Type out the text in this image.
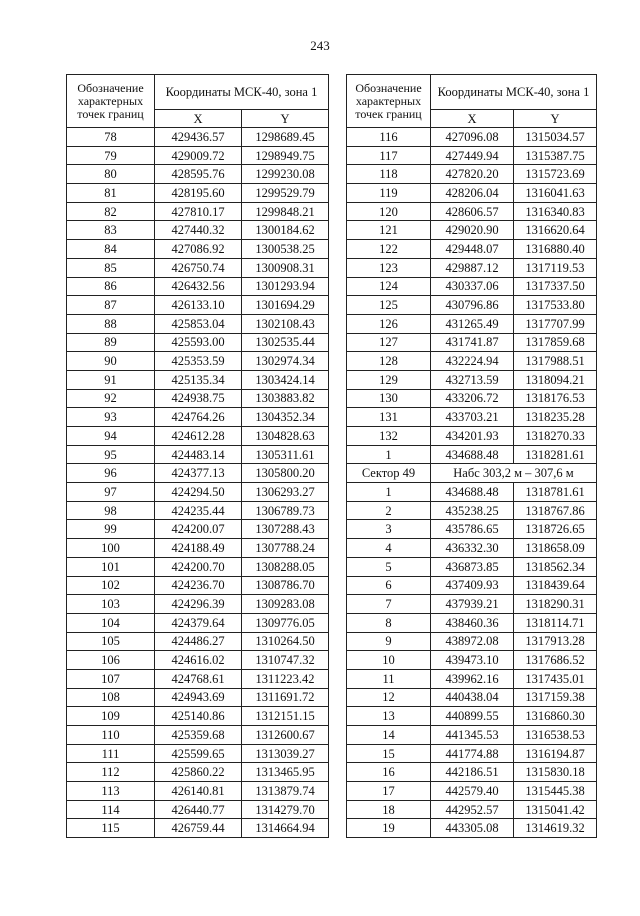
243
Обозначение характерных точек границ	Координаты МСК-40, зона 1	
	X	Y
78	429436.57	1298689.45
79	429009.72	1298949.75
80	428595.76	1299230.08
81	428195.60	1299529.79
82	427810.17	1299848.21
83	427440.32	1300184.62
84	427086.92	1300538.25
85	426750.74	1300908.31
86	426432.56	1301293.94
87	426133.10	1301694.29
88	425853.04	1302108.43
89	425593.00	1302535.44
90	425353.59	1302974.34
91	425135.34	1303424.14
92	424938.75	1303883.82
93	424764.26	1304352.34
94	424612.28	1304828.63
95	424483.14	1305311.61
96	424377.13	1305800.20
97	424294.50	1306293.27
98	424235.44	1306789.73
99	424200.07	1307288.43
100	424188.49	1307788.24
101	424200.70	1308288.05
102	424236.70	1308786.70
103	424296.39	1309283.08
104	424379.64	1309776.05
105	424486.27	1310264.50
106	424616.02	1310747.32
107	424768.61	1311223.42
108	424943.69	1311691.72
109	425140.86	1312151.15
110	425359.68	1312600.67
111	425599.65	1313039.27
112	425860.22	1313465.95
113	426140.81	1313879.74
114	426440.77	1314279.70
115	426759.44	1314664.94
Обозначение характерных точек границ	Координаты МСК-40, зона 1	
	X	Y
116	427096.08	1315034.57
117	427449.94	1315387.75
118	427820.20	1315723.69
119	428206.04	1316041.63
120	428606.57	1316340.83
121	429020.90	1316620.64
122	429448.07	1316880.40
123	429887.12	1317119.53
124	430337.06	1317337.50
125	430796.86	1317533.80
126	431265.49	1317707.99
127	431741.87	1317859.68
128	432224.94	1317988.51
129	432713.59	1318094.21
130	433206.72	1318176.53
131	433703.21	1318235.28
132	434201.93	1318270.33
1	434688.48	1318281.61
Сектор 49	Набс 303,2 м – 307,6 м	
1	434688.48	1318781.61
2	435238.25	1318767.86
3	435786.65	1318726.65
4	436332.30	1318658.09
5	436873.85	1318562.34
6	437409.93	1318439.64
7	437939.21	1318290.31
8	438460.36	1318114.71
9	438972.08	1317913.28
10	439473.10	1317686.52
11	439962.16	1317435.01
12	440438.04	1317159.38
13	440899.55	1316860.30
14	441345.53	1316538.53
15	441774.88	1316194.87
16	442186.51	1315830.18
17	442579.40	1315445.38
18	442952.57	1315041.42
19	443305.08	1314619.32
